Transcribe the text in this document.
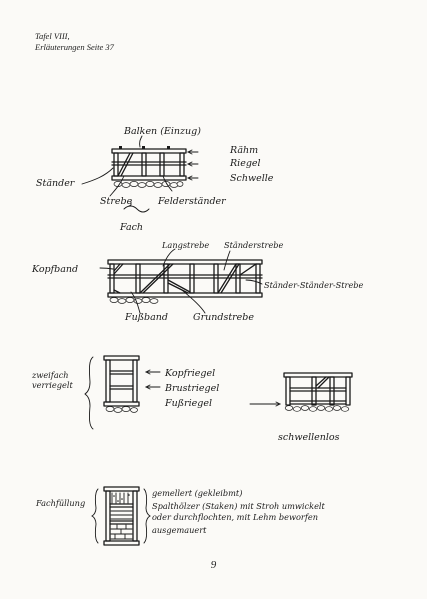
Tafel VIII,
Erläuterungen Seite 37
Balken (Einzug)
Rähm
Riegel
Schwelle
Ständer
Strebe	Felderständer
Fach
Kopfband
Langstrebe Ständerstrebe
Ständer-Ständer-Strebe
Fußband	Grundstrebe
zweifach
verriegelt
Kopfriegel
Brustriegel
Fußriegel
schwellenlos
Fachfüllung
gemellert (gekleibmt)
Spalthölzer (Staken) mit Stroh umwickelt
oder durchflochten, mit Lehm beworfen
ausgemauert
9
